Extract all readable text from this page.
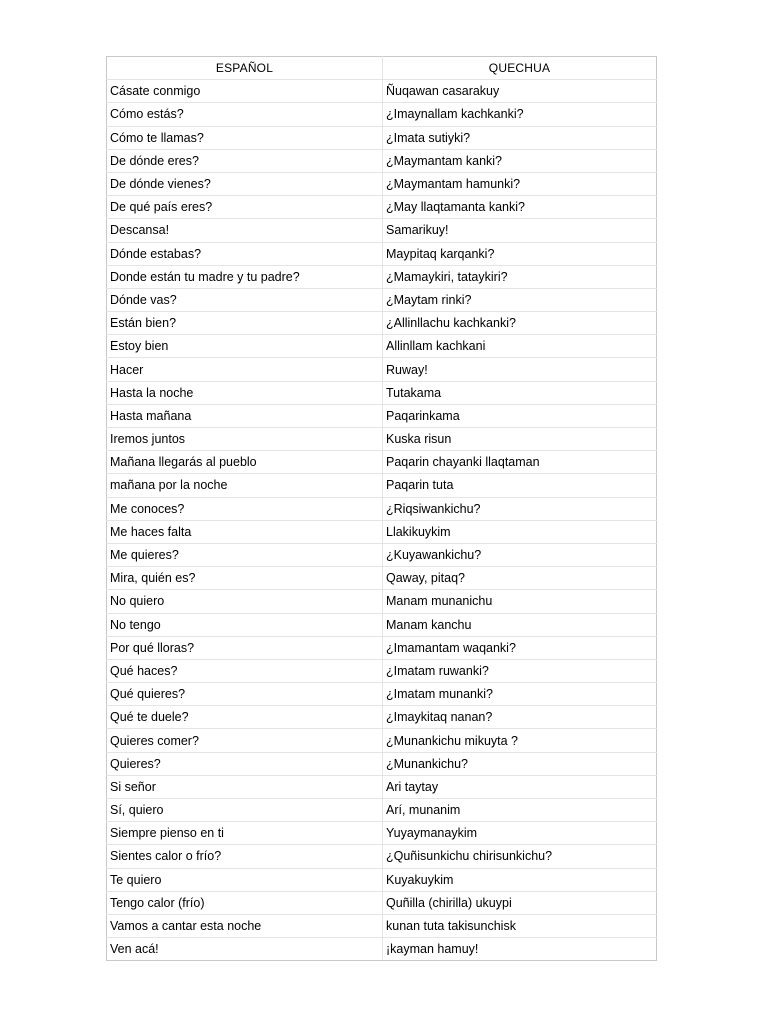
ESPAÑOL	QUECHUA
Cásate conmigo	Ñuqawan casarakuy
Cómo estás?	¿Imaynallam kachkanki?
Cómo te llamas?	¿Imata sutiyki?
De dónde eres?	¿Maymantam kanki?
De dónde vienes?	¿Maymantam hamunki?
De qué país eres?	¿May llaqtamanta kanki?
Descansa!	Samarikuy!
Dónde estabas?	Maypitaq karqanki?
Donde están tu madre y tu padre?	¿Mamaykiri, tataykiri?
Dónde vas?	¿Maytam rinki?
Están bien?	¿Allinllachu kachkanki?
Estoy bien	Allinllam kachkani
Hacer	Ruway!
Hasta la noche	Tutakama
Hasta mañana	Paqarinkama
Iremos juntos	Kuska risun
Mañana llegarás al pueblo	Paqarin chayanki llaqtaman
mañana por la noche	Paqarin tuta
Me conoces?	¿Riqsiwankichu?
Me haces falta	Llakikuykim
Me quieres?	¿Kuyawankichu?
Mira, quién es?	Qaway, pitaq?
No quiero	Manam munanichu
No tengo	Manam kanchu
Por qué lloras?	¿Imamantam waqanki?
Qué haces?	¿Imatam ruwanki?
Qué quieres?	¿Imatam munanki?
Qué te duele?	¿Imaykitaq nanan?
Quieres comer?	¿Munankichu mikuyta ?
Quieres?	¿Munankichu?
Si señor	Ari taytay
Sí, quiero	Arí, munanim
Siempre pienso en ti	Yuyaymanaykim
Sientes calor o frío?	¿Quñisunkichu chirisunkichu?
Te quiero	Kuyakuykim
Tengo calor (frío)	Quñilla (chirilla) ukuypi
Vamos a cantar esta noche	kunan tuta takisunchisk
Ven acá!	¡kayman hamuy!
